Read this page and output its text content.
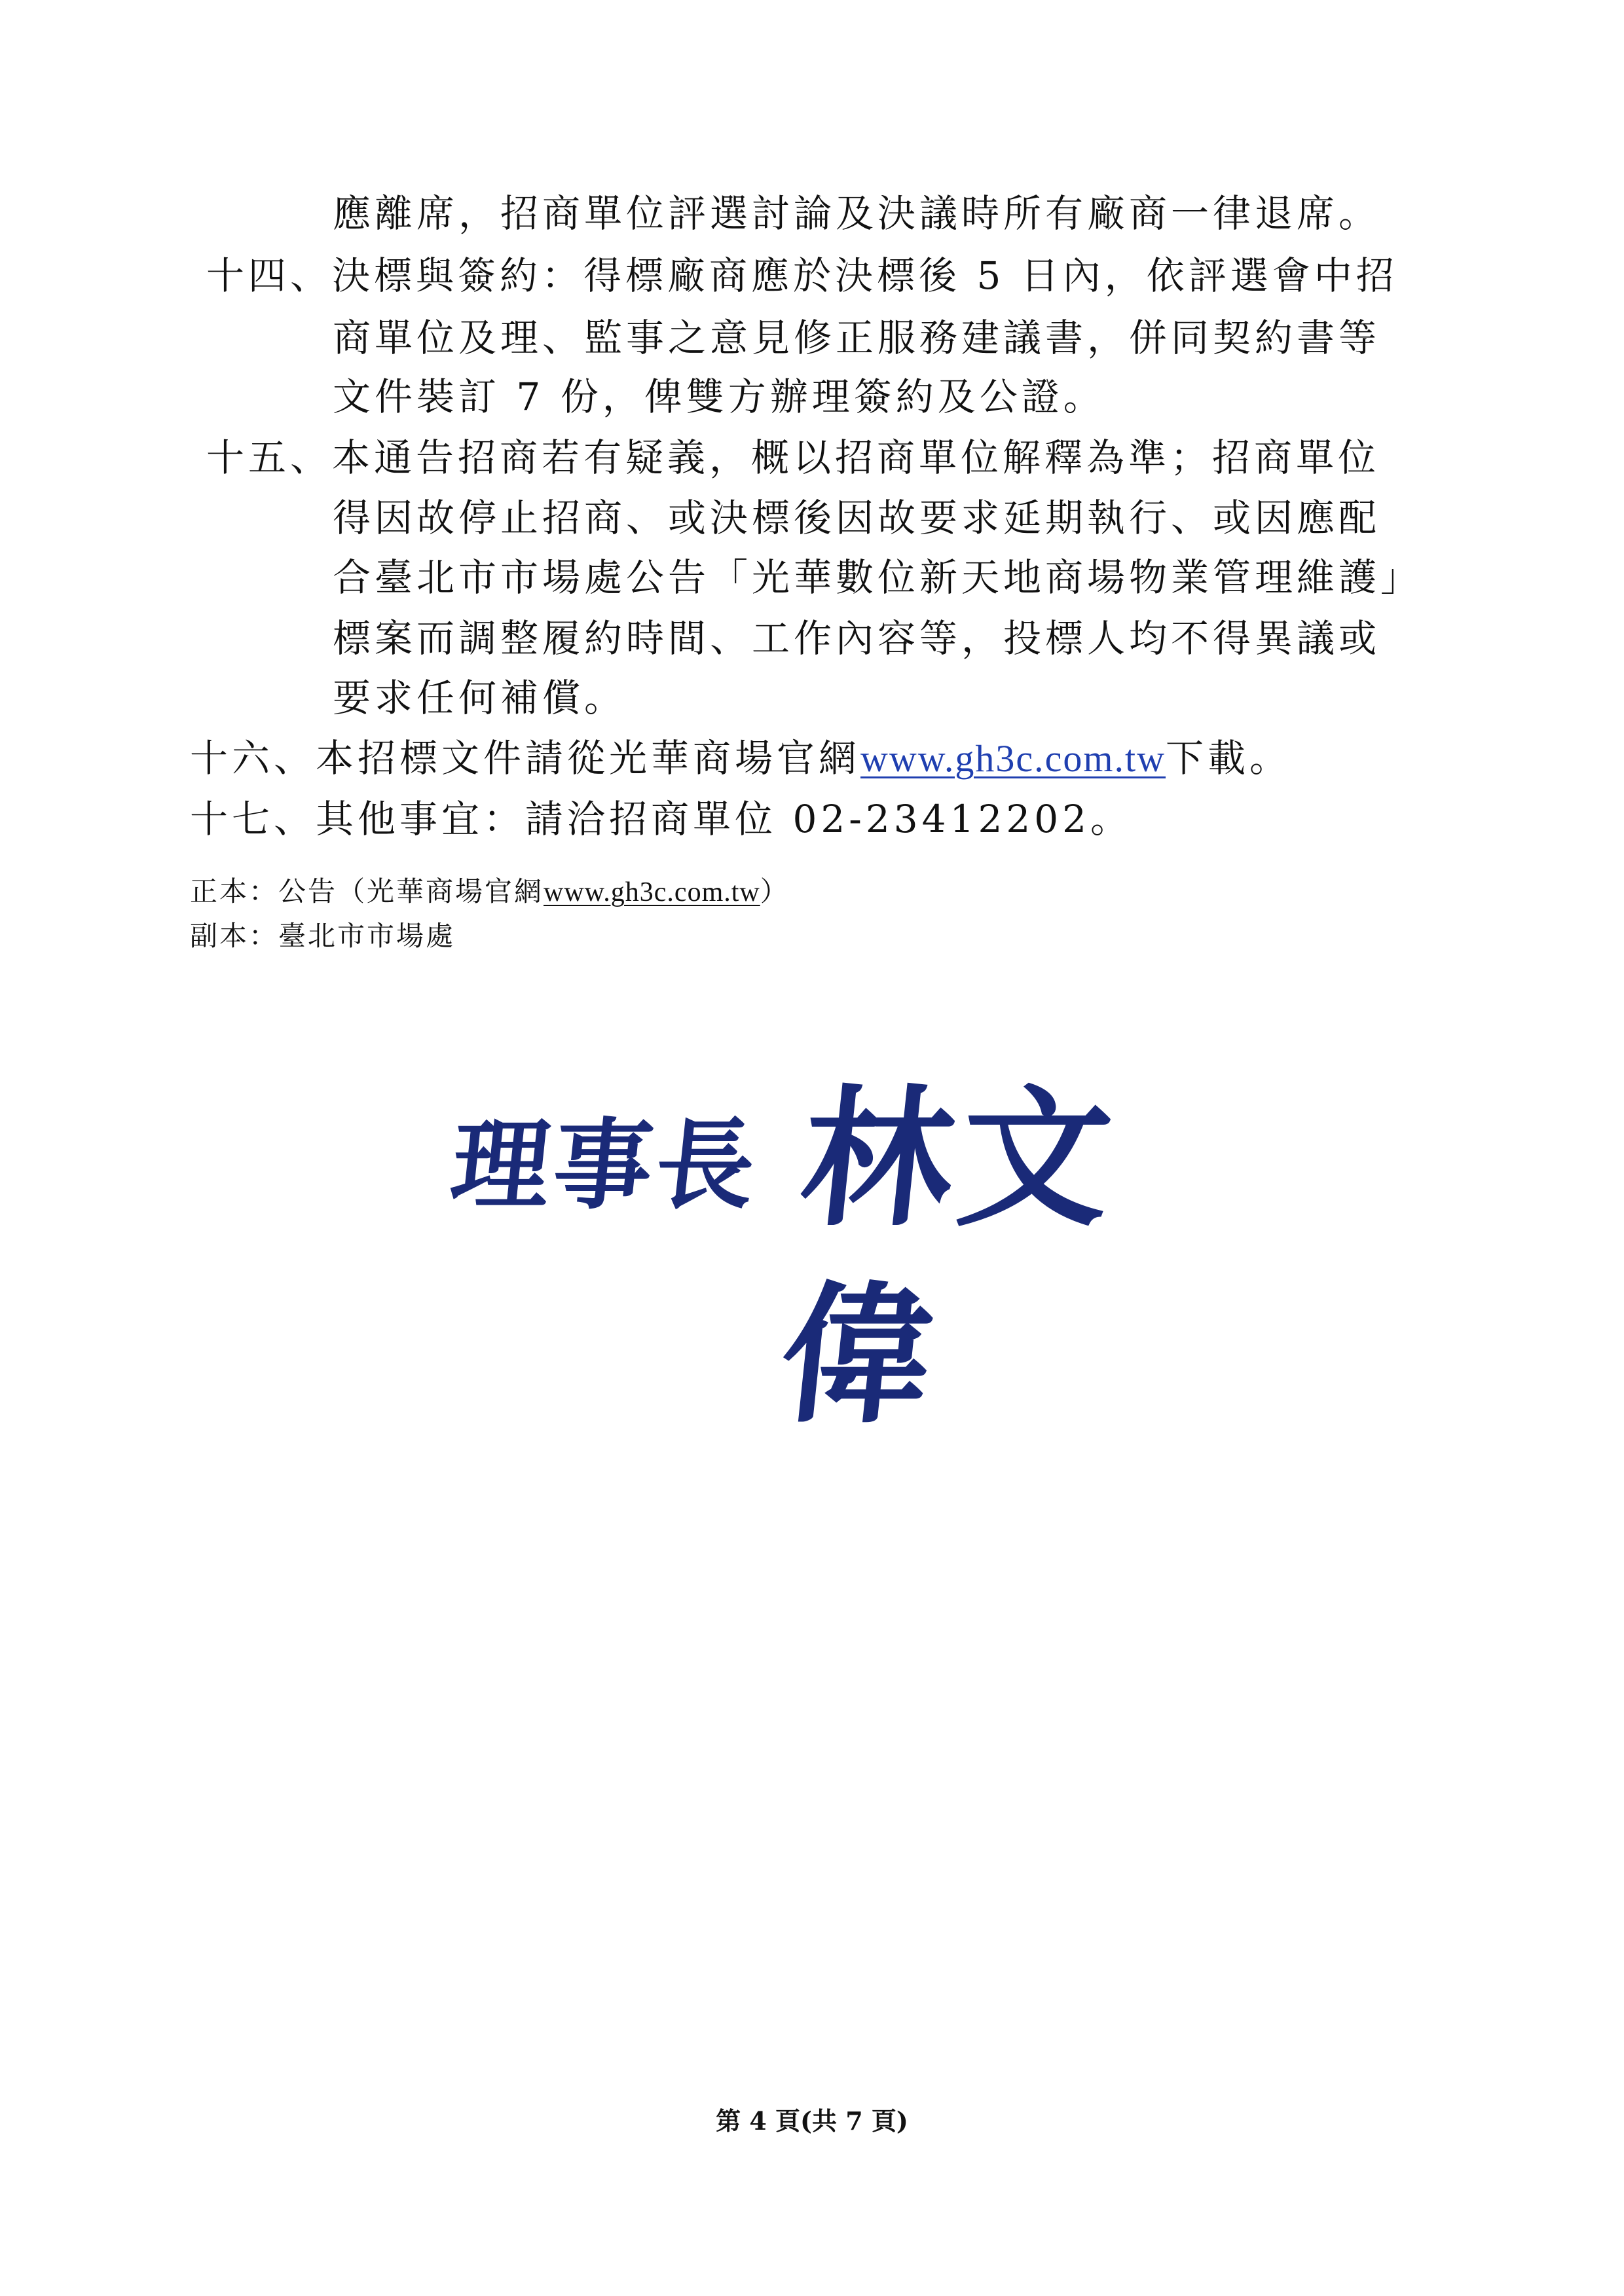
應離席，招商單位評選討論及決議時所有廠商一律退席。
十四、決標與簽約：得標廠商應於決標後 5 日內，依評選會中招
商單位及理、監事之意見修正服務建議書，併同契約書等
文件裝訂 7 份，俾雙方辦理簽約及公證。
十五、本通告招商若有疑義，概以招商單位解釋為準；招商單位
得因故停止招商、或決標後因故要求延期執行、或因應配
合臺北市市場處公告「光華數位新天地商場物業管理維護」
標案而調整履約時間、工作內容等，投標人均不得異議或
要求任何補償。
十六、本招標文件請從光華商場官網www.gh3c.com.tw下載。
十七、其他事宜：請洽招商單位 02-23412202。
正本：公告（光華商場官網www.gh3c.com.tw）
副本：臺北市市場處
理事長 林文偉
第 4 頁(共 7 頁)
